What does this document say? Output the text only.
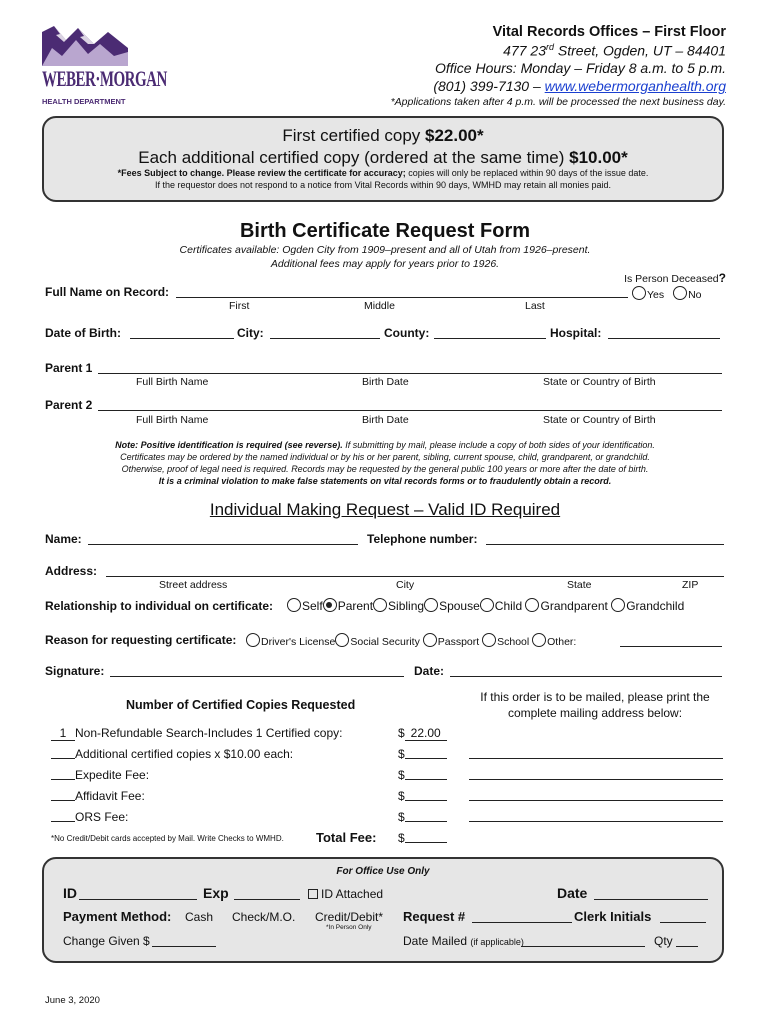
WEBER·MORGAN
HEALTH DEPARTMENT
Vital Records Offices – First Floor
477 23rd Street, Ogden, UT – 84401
Office Hours: Monday – Friday 8 a.m. to 5 p.m.
(801) 399-7130 – www.webermorganhealth.org
*Applications taken after 4 p.m. will be processed the next business day.
First certified copy $22.00*
Each additional certified copy (ordered at the same time) $10.00*
*Fees Subject to change. Please review the certificate for accuracy; copies will only be replaced within 90 days of the issue date.
If the requestor does not respond to a notice from Vital Records within 90 days, WMHD may retain all monies paid.
Birth Certificate Request Form
Certificates available: Ogden City from 1909–present and all of Utah from 1926–present.
Additional fees may apply for years prior to 1926.
Is Person Deceased?
Yes No
Full Name on Record:
First	Middle	Last
Date of Birth:	City:	County:	Hospital:
Parent 1
Full Birth Name	Birth Date	State or Country of Birth
Parent 2
Full Birth Name	Birth Date	State or Country of Birth
Note: Positive identification is required (see reverse). If submitting by mail, please include a copy of both sides of your identification.
Certificates may be ordered by the named individual or by his or her parent, sibling, current spouse, child, grandparent, or grandchild.
Otherwise, proof of legal need is required. Records may be requested by the general public 100 years or more after the date of birth.
It is a criminal violation to make false statements on vital records forms or to fraudulently obtain a record.
Individual Making Request – Valid ID Required
Name:	Telephone number:
Address:
Street address	City	State	ZIP
Relationship to individual on certificate:	Self Parent Sibling Spouse Child Grandparent Grandchild
Reason for requesting certificate:	Driver's License Social Security Passport School Other:
Signature:	Date:
Number of Certified Copies Requested
If this order is to be mailed, please print the
complete mailing address below:
1 Non-Refundable Search-Includes 1 Certified copy:	$ 22.00
Additional certified copies x $10.00 each:	$
Expedite Fee:	$
Affidavit Fee:	$
ORS Fee:	$
*No Credit/Debit cards accepted by Mail. Write Checks to WMHD. Total Fee: $
For Office Use Only
ID	Exp	ID Attached	Date
Payment Method: Cash Check/M.O. Credit/Debit*
*In Person Only
Request #	Clerk Initials
Change Given $	Date Mailed (if applicable)	Qty
June 3, 2020
